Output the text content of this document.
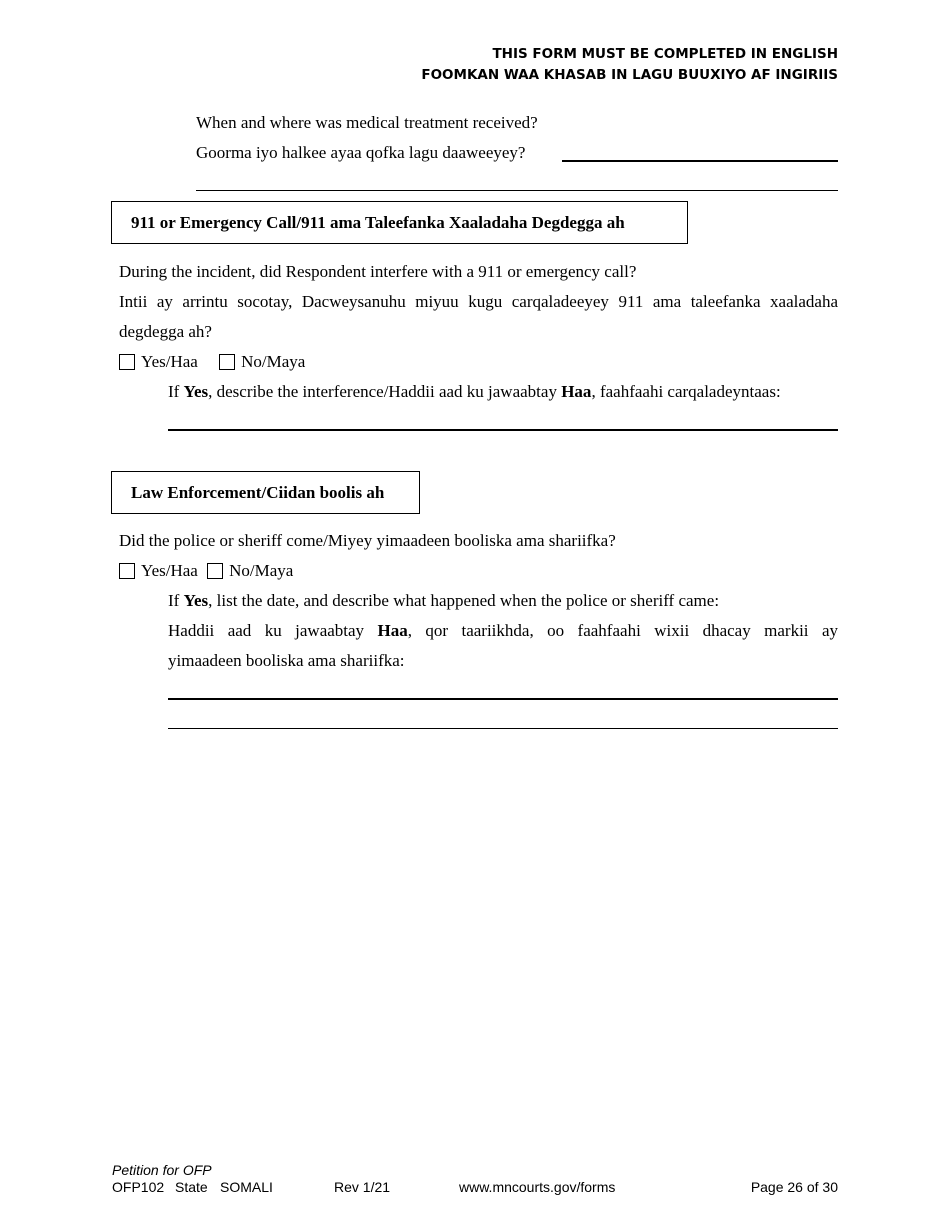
THIS FORM MUST BE COMPLETED IN ENGLISH
FOOMKAN WAA KHASAB IN LAGU BUUXIYO AF INGIRIIS
When and where was medical treatment received?
Goorma iyo halkee ayaa qofka lagu daaweeyey?
911 or Emergency Call/911 ama Taleefanka Xaaladaha Degdegga ah
During the incident, did Respondent interfere with a 911 or emergency call?
Intii ay arrintu socotay, Dacweysanuhu miyuu kugu carqaladeeyey 911 ama taleefanka xaaladaha
degdegga ah?
Yes/Haa
	No/Maya
If Yes, describe the interference/Haddii aad ku jawaabtay Haa, faahfaahi carqaladeyntaas:
Law Enforcement/Ciidan boolis ah
Did the police or sheriff come/Miyey yimaadeen booliska ama shariifka?
Yes/Haa
No/Maya
If Yes, list the date, and describe what happened when the police or sheriff came:
Haddii aad ku jawaabtay Haa, qor taariikhda, oo faahfaahi wixii dhacay markii ay
yimaadeen booliska ama shariifka:
Petition for OFP
OFP102 State SOMALI	Rev 1/21	www.mncourts.gov/forms	Page 26 of 30
